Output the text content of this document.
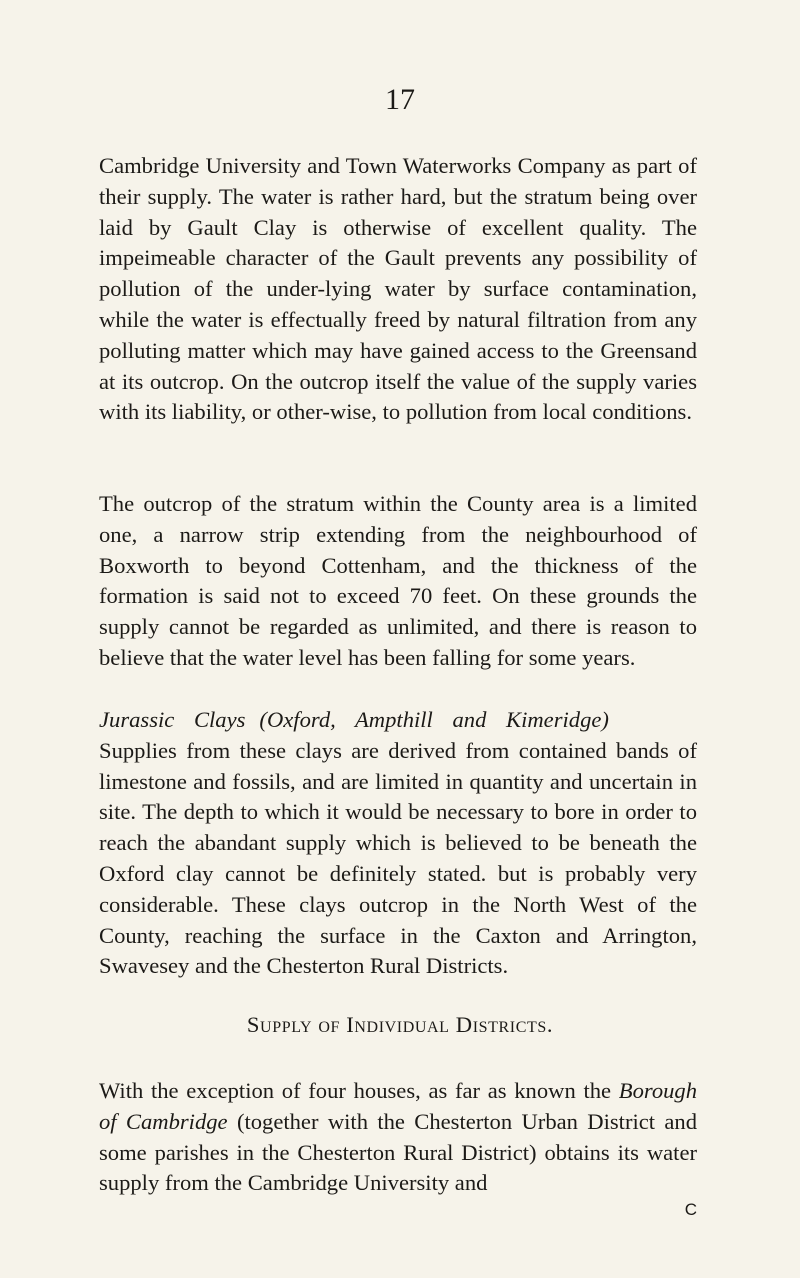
17

Cambridge University and Town Waterworks Company as part of their supply. The water is rather hard, but the stratum being over laid by Gault Clay is otherwise of excellent quality. The impeimeable character of the Gault prevents any possibility of pollution of the under-lying water by surface contamination, while the water is effectually freed by natural filtration from any polluting matter which may have gained access to the Greensand at its outcrop. On the outcrop itself the value of the supply varies with its liability, or other-wise, to pollution from local conditions.

The outcrop of the stratum within the County area is a limited one, a narrow strip extending from the neighbourhood of Boxworth to beyond Cottenham, and the thickness of the formation is said not to exceed 70 feet. On these grounds the supply cannot be regarded as unlimited, and there is reason to believe that the water level has been falling for some years.

Jurassic Clays (Oxford, Ampthill and Kimeridge)

Supplies from these clays are derived from contained bands of limestone and fossils, and are limited in quantity and uncertain in site. The depth to which it would be necessary to bore in order to reach the abandant supply which is believed to be beneath the Oxford clay cannot be definitely stated. but is probably very considerable. These clays outcrop in the North West of the County, reaching the surface in the Caxton and Arrington, Swavesey and the Chesterton Rural Districts.

Supply of Individual Districts.

With the exception of four houses, as far as known the Borough of Cambridge (together with the Chesterton Urban District and some parishes in the Chesterton Rural District) obtains its water supply from the Cambridge University and

C
